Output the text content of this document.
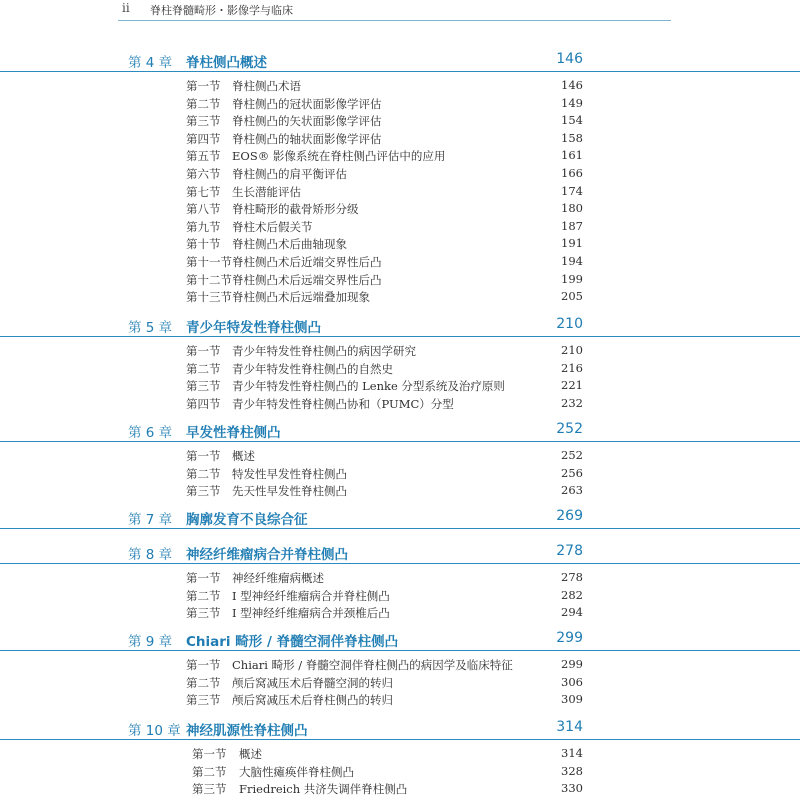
ii 脊柱脊髓畸形・影像学与临床
第 4 章 脊柱侧凸概述	146
第一节 脊柱侧凸术语	146
第二节 脊柱侧凸的冠状面影像学评估	149
第三节 脊柱侧凸的矢状面影像学评估	154
第四节 脊柱侧凸的轴状面影像学评估	158
第五节 EOS® 影像系统在脊柱侧凸评估中的应用	161
第六节 脊柱侧凸的肩平衡评估	166
第七节 生长潜能评估	174
第八节 脊柱畸形的截骨矫形分级	180
第九节 脊柱术后假关节	187
第十节 脊柱侧凸术后曲轴现象	191
第十一节 脊柱侧凸术后近端交界性后凸	194
第十二节 脊柱侧凸术后远端交界性后凸	199
第十三节 脊柱侧凸术后远端叠加现象	205
第 5 章 青少年特发性脊柱侧凸	210
第一节 青少年特发性脊柱侧凸的病因学研究	210
第二节 青少年特发性脊柱侧凸的自然史	216
第三节 青少年特发性脊柱侧凸的 Lenke 分型系统及治疗原则	221
第四节 青少年特发性脊柱侧凸协和（PUMC）分型	232
第 6 章 早发性脊柱侧凸	252
第一节 概述	252
第二节 特发性早发性脊柱侧凸	256
第三节 先天性早发性脊柱侧凸	263
第 7 章 胸廓发育不良综合征	269
第 8 章 神经纤维瘤病合并脊柱侧凸	278
第一节 神经纤维瘤病概述	278
第二节 I 型神经纤维瘤病合并脊柱侧凸	282
第三节 I 型神经纤维瘤病合并颈椎后凸	294
第 9 章 Chiari 畸形 / 脊髓空洞伴脊柱侧凸	299
第一节 Chiari 畸形 / 脊髓空洞伴脊柱侧凸的病因学及临床特征	299
第二节 颅后窝减压术后脊髓空洞的转归	306
第三节 颅后窝减压术后脊柱侧凸的转归	309
第 10 章 神经肌源性脊柱侧凸	314
第一节 概述	314
第二节 大脑性瘫痪伴脊柱侧凸	328
第三节 Friedreich 共济失调伴脊柱侧凸	330
